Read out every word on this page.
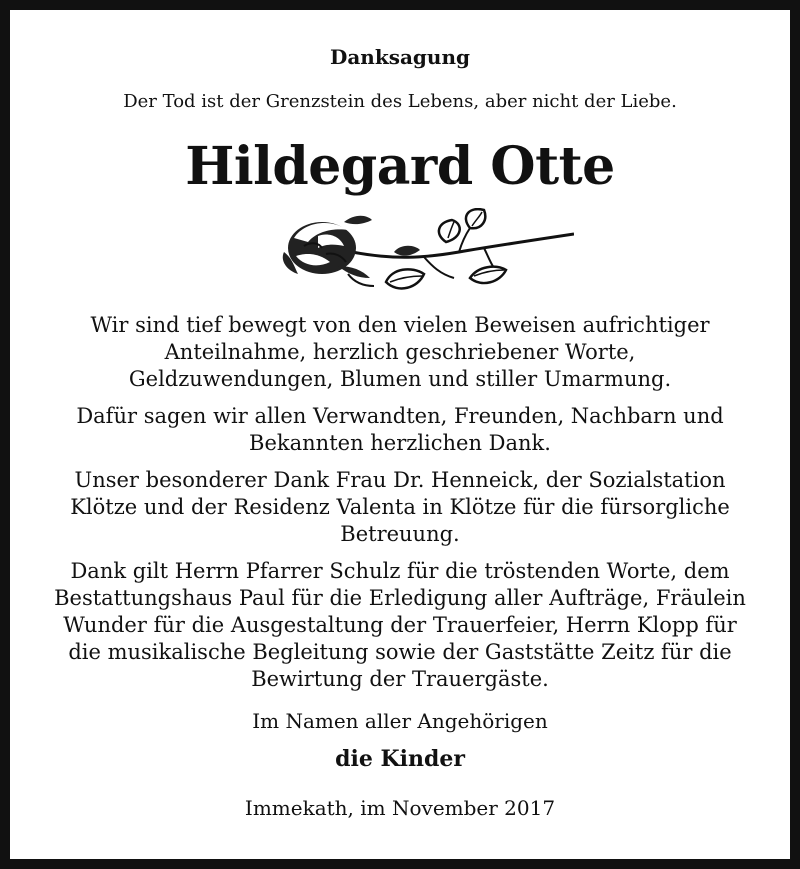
Danksagung
Der Tod ist der Grenzstein des Lebens, aber nicht der Liebe.
Hildegard Otte

Wir sind tief bewegt von den vielen Beweisen aufrichtiger
Anteilnahme, herzlich geschriebener Worte,
Geldzuwendungen, Blumen und stiller Umarmung.

Dafür sagen wir allen Verwandten, Freunden, Nachbarn und
Bekannten herzlichen Dank.

Unser besonderer Dank Frau Dr. Henneick, der Sozialstation
Klötze und der Residenz Valenta in Klötze für die fürsorgliche
Betreuung.

Dank gilt Herrn Pfarrer Schulz für die tröstenden Worte, dem
Bestattungshaus Paul für die Erledigung aller Aufträge, Fräulein
Wunder für die Ausgestaltung der Trauerfeier, Herrn Klopp für
die musikalische Begleitung sowie der Gaststätte Zeitz für die
Bewirtung der Trauergäste.

Im Namen aller Angehörigen
die Kinder
Immekath, im November 2017
